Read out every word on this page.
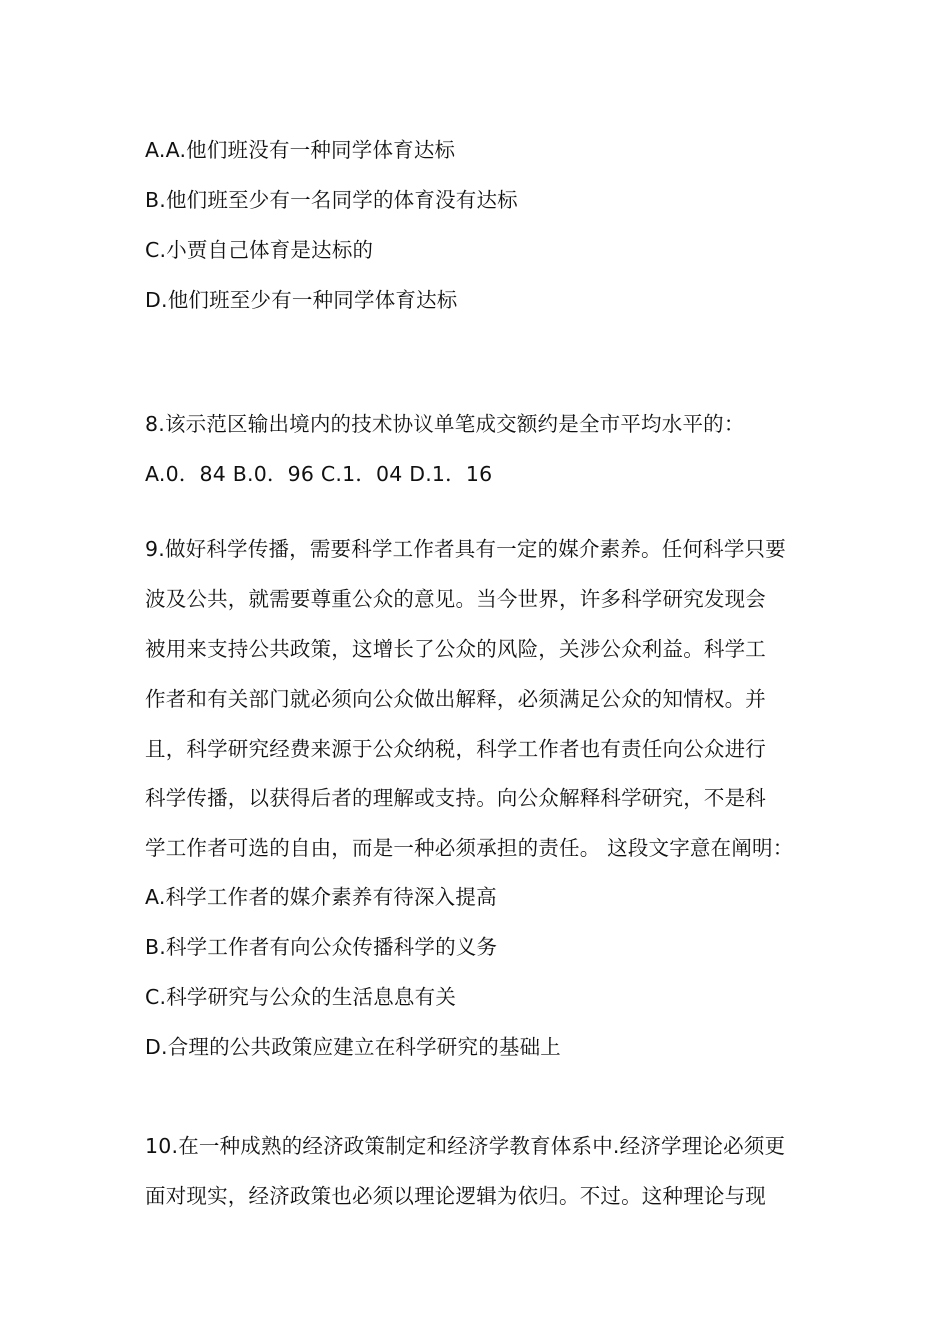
A.A.他们班没有一种同学体育达标
B.他们班至少有一名同学的体育没有达标
C.小贾自己体育是达标的
D.他们班至少有一种同学体育达标
8.该示范区输出境内的技术协议单笔成交额约是全市平均水平的：
A.0．84 B.0．96 C.1．04 D.1．16
9.做好科学传播，需要科学工作者具有一定的媒介素养。任何科学只要
波及公共，就需要尊重公众的意见。当今世界，许多科学研究发现会
被用来支持公共政策，这增长了公众的风险，关涉公众利益。科学工
作者和有关部门就必须向公众做出解释，必须满足公众的知情权。并
且，科学研究经费来源于公众纳税，科学工作者也有责任向公众进行
科学传播，以获得后者的理解或支持。向公众解释科学研究，不是科
学工作者可选的自由，而是一种必须承担的责任。 这段文字意在阐明：
A.科学工作者的媒介素养有待深入提高
B.科学工作者有向公众传播科学的义务
C.科学研究与公众的生活息息有关
D.合理的公共政策应建立在科学研究的基础上
10.在一种成熟的经济政策制定和经济学教育体系中.经济学理论必须更
面对现实，经济政策也必须以理论逻辑为依归。不过。这种理论与现
